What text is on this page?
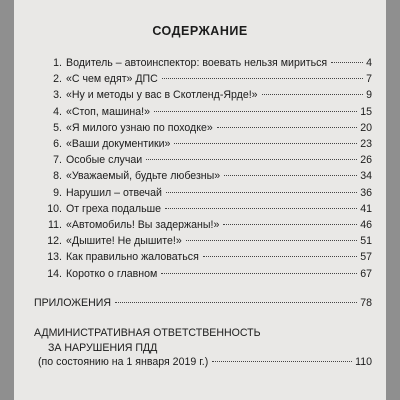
СОДЕРЖАНИЕ
1. Водитель – автоинспектор: воевать нельзя мириться	4
2. «С чем едят» ДПС	7
3. «Ну и методы у вас в Скотленд-Ярде!»	9
4. «Стоп, машина!»	15
5. «Я милого узнаю по походке»	20
6. «Ваши документики»	23
7. Особые случаи	26
8. «Уважаемый, будьте любезны»	34
9. Нарушил – отвечай	36
10. От греха подальше	41
11. «Автомобиль! Вы задержаны!»	46
12. «Дышите! Не дышите!»	51
13. Как правильно жаловаться	57
14. Коротко о главном	67
ПРИЛОЖЕНИЯ	78
АДМИНИСТРАТИВНАЯ ОТВЕТСТВЕННОСТЬ
ЗА НАРУШЕНИЯ ПДД
(по состоянию на 1 января 2019 г.)	110
